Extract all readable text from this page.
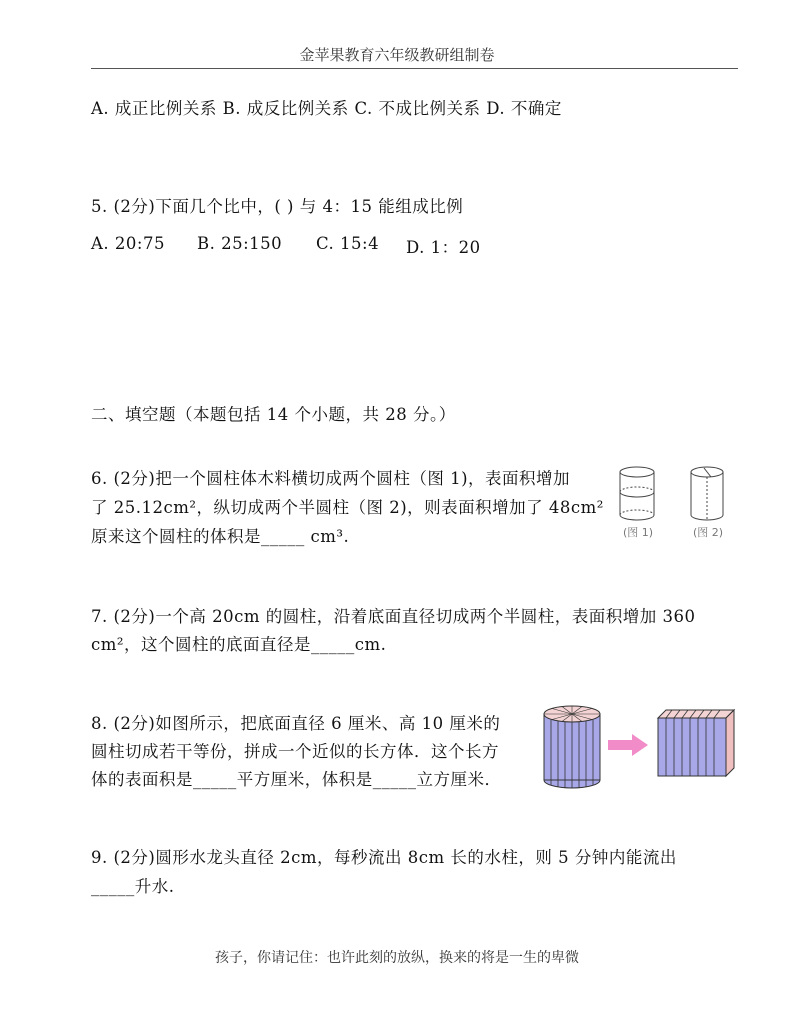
金苹果教育六年级教研组制卷
A. 成正比例关系 B. 成反比例关系 C. 不成比例关系 D. 不确定
5. (2分)下面几个比中，( ) 与 4：15 能组成比例
A. 20:75 B. 25:150 C. 15:4 D. 1：20
二、填空题（本题包括 14 个小题，共 28 分。）
6. (2分)把一个圆柱体木料横切成两个圆柱（图 1)，表面积增加
了 25.12cm²，纵切成两个半圆柱（图 2)，则表面积增加了 48cm²
原来这个圆柱的体积是_____ cm³.	(图 1)	(图 2)
7. (2分)一个高 20cm 的圆柱，沿着底面直径切成两个半圆柱，表面积增加 360
cm²，这个圆柱的底面直径是_____cm.
8. (2分)如图所示，把底面直径 6 厘米、高 10 厘米的
圆柱切成若干等份，拼成一个近似的长方体．这个长方
体的表面积是_____平方厘米，体积是_____立方厘米．
9. (2分)圆形水龙头直径 2cm，每秒流出 8cm 长的水柱，则 5 分钟内能流出
_____升水.
孩子，你请记住：也许此刻的放纵，换来的将是一生的卑微
